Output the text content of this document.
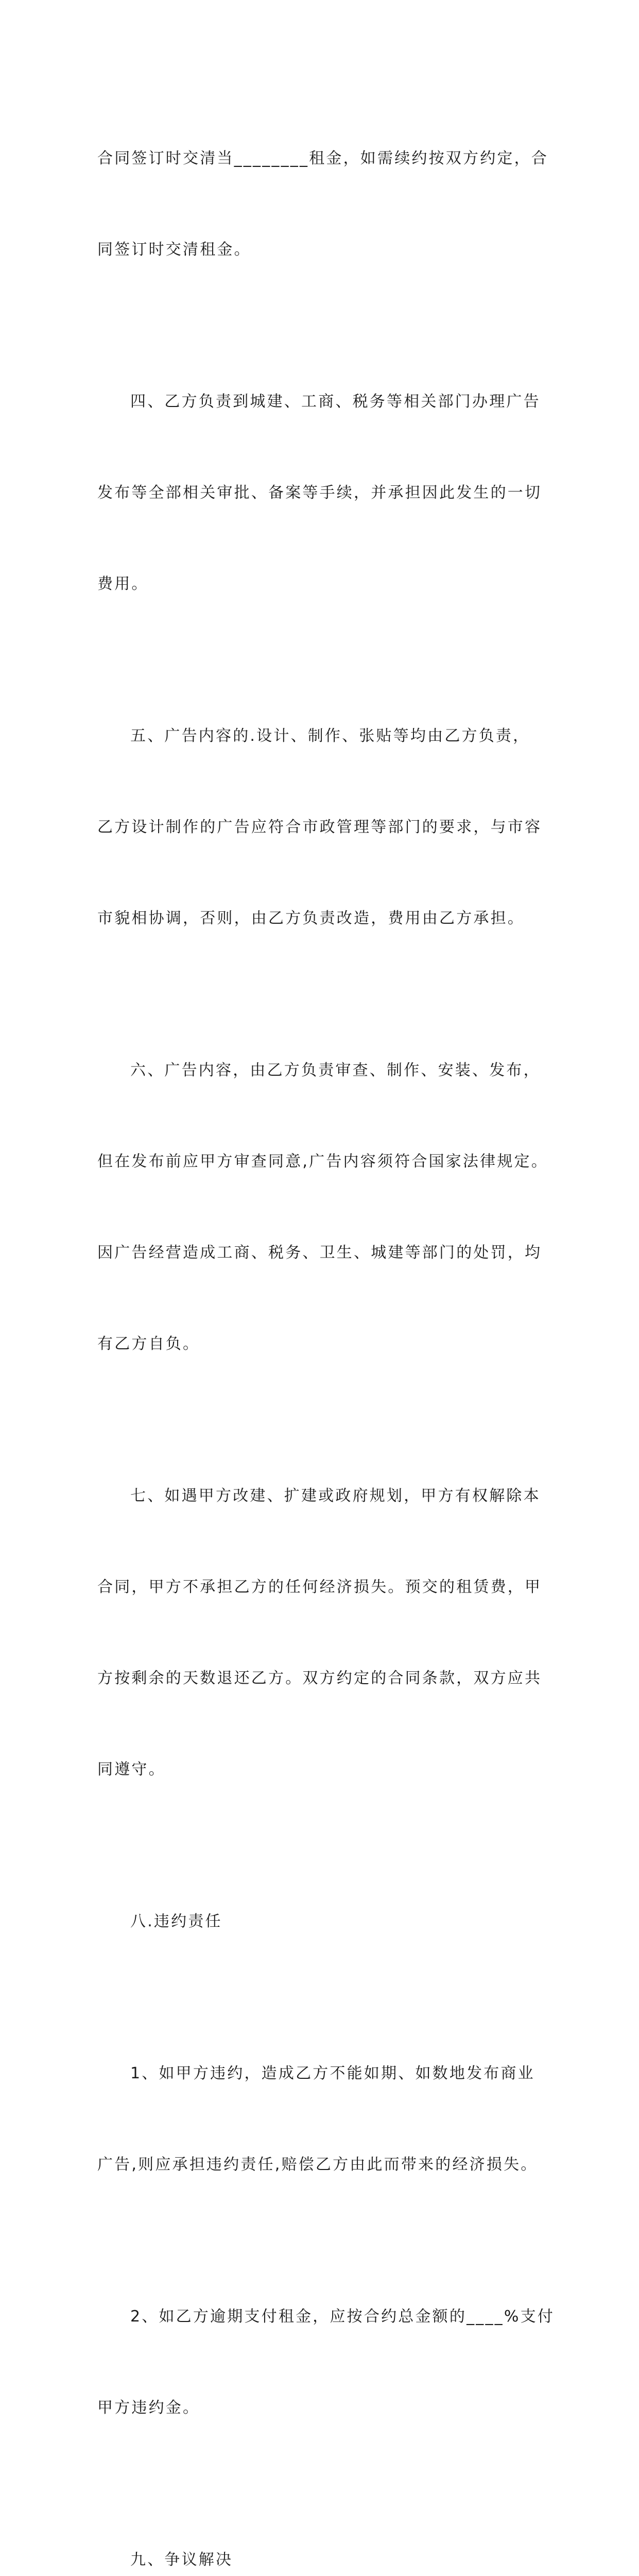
合同签订时交清当________租金，如需续约按双方约定，合

同签订时交清租金。

四、乙方负责到城建、工商、税务等相关部门办理广告

发布等全部相关审批、备案等手续，并承担因此发生的一切

费用。

五、广告内容的.设计、制作、张贴等均由乙方负责，

乙方设计制作的广告应符合市政管理等部门的要求，与市容

市貌相协调，否则，由乙方负责改造，费用由乙方承担。

六、广告内容，由乙方负责审查、制作、安装、发布，

但在发布前应甲方审查同意,广告内容须符合国家法律规定。

因广告经营造成工商、税务、卫生、城建等部门的处罚，均

有乙方自负。

七、如遇甲方改建、扩建或政府规划，甲方有权解除本

合同，甲方不承担乙方的任何经济损失。预交的租赁费，甲

方按剩余的天数退还乙方。双方约定的合同条款，双方应共

同遵守。

八.违约责任

1、如甲方违约，造成乙方不能如期、如数地发布商业

广告,则应承担违约责任,赔偿乙方由此而带来的经济损失。

2、如乙方逾期支付租金，应按合约总金额的____%支付

甲方违约金。

九、争议解决
